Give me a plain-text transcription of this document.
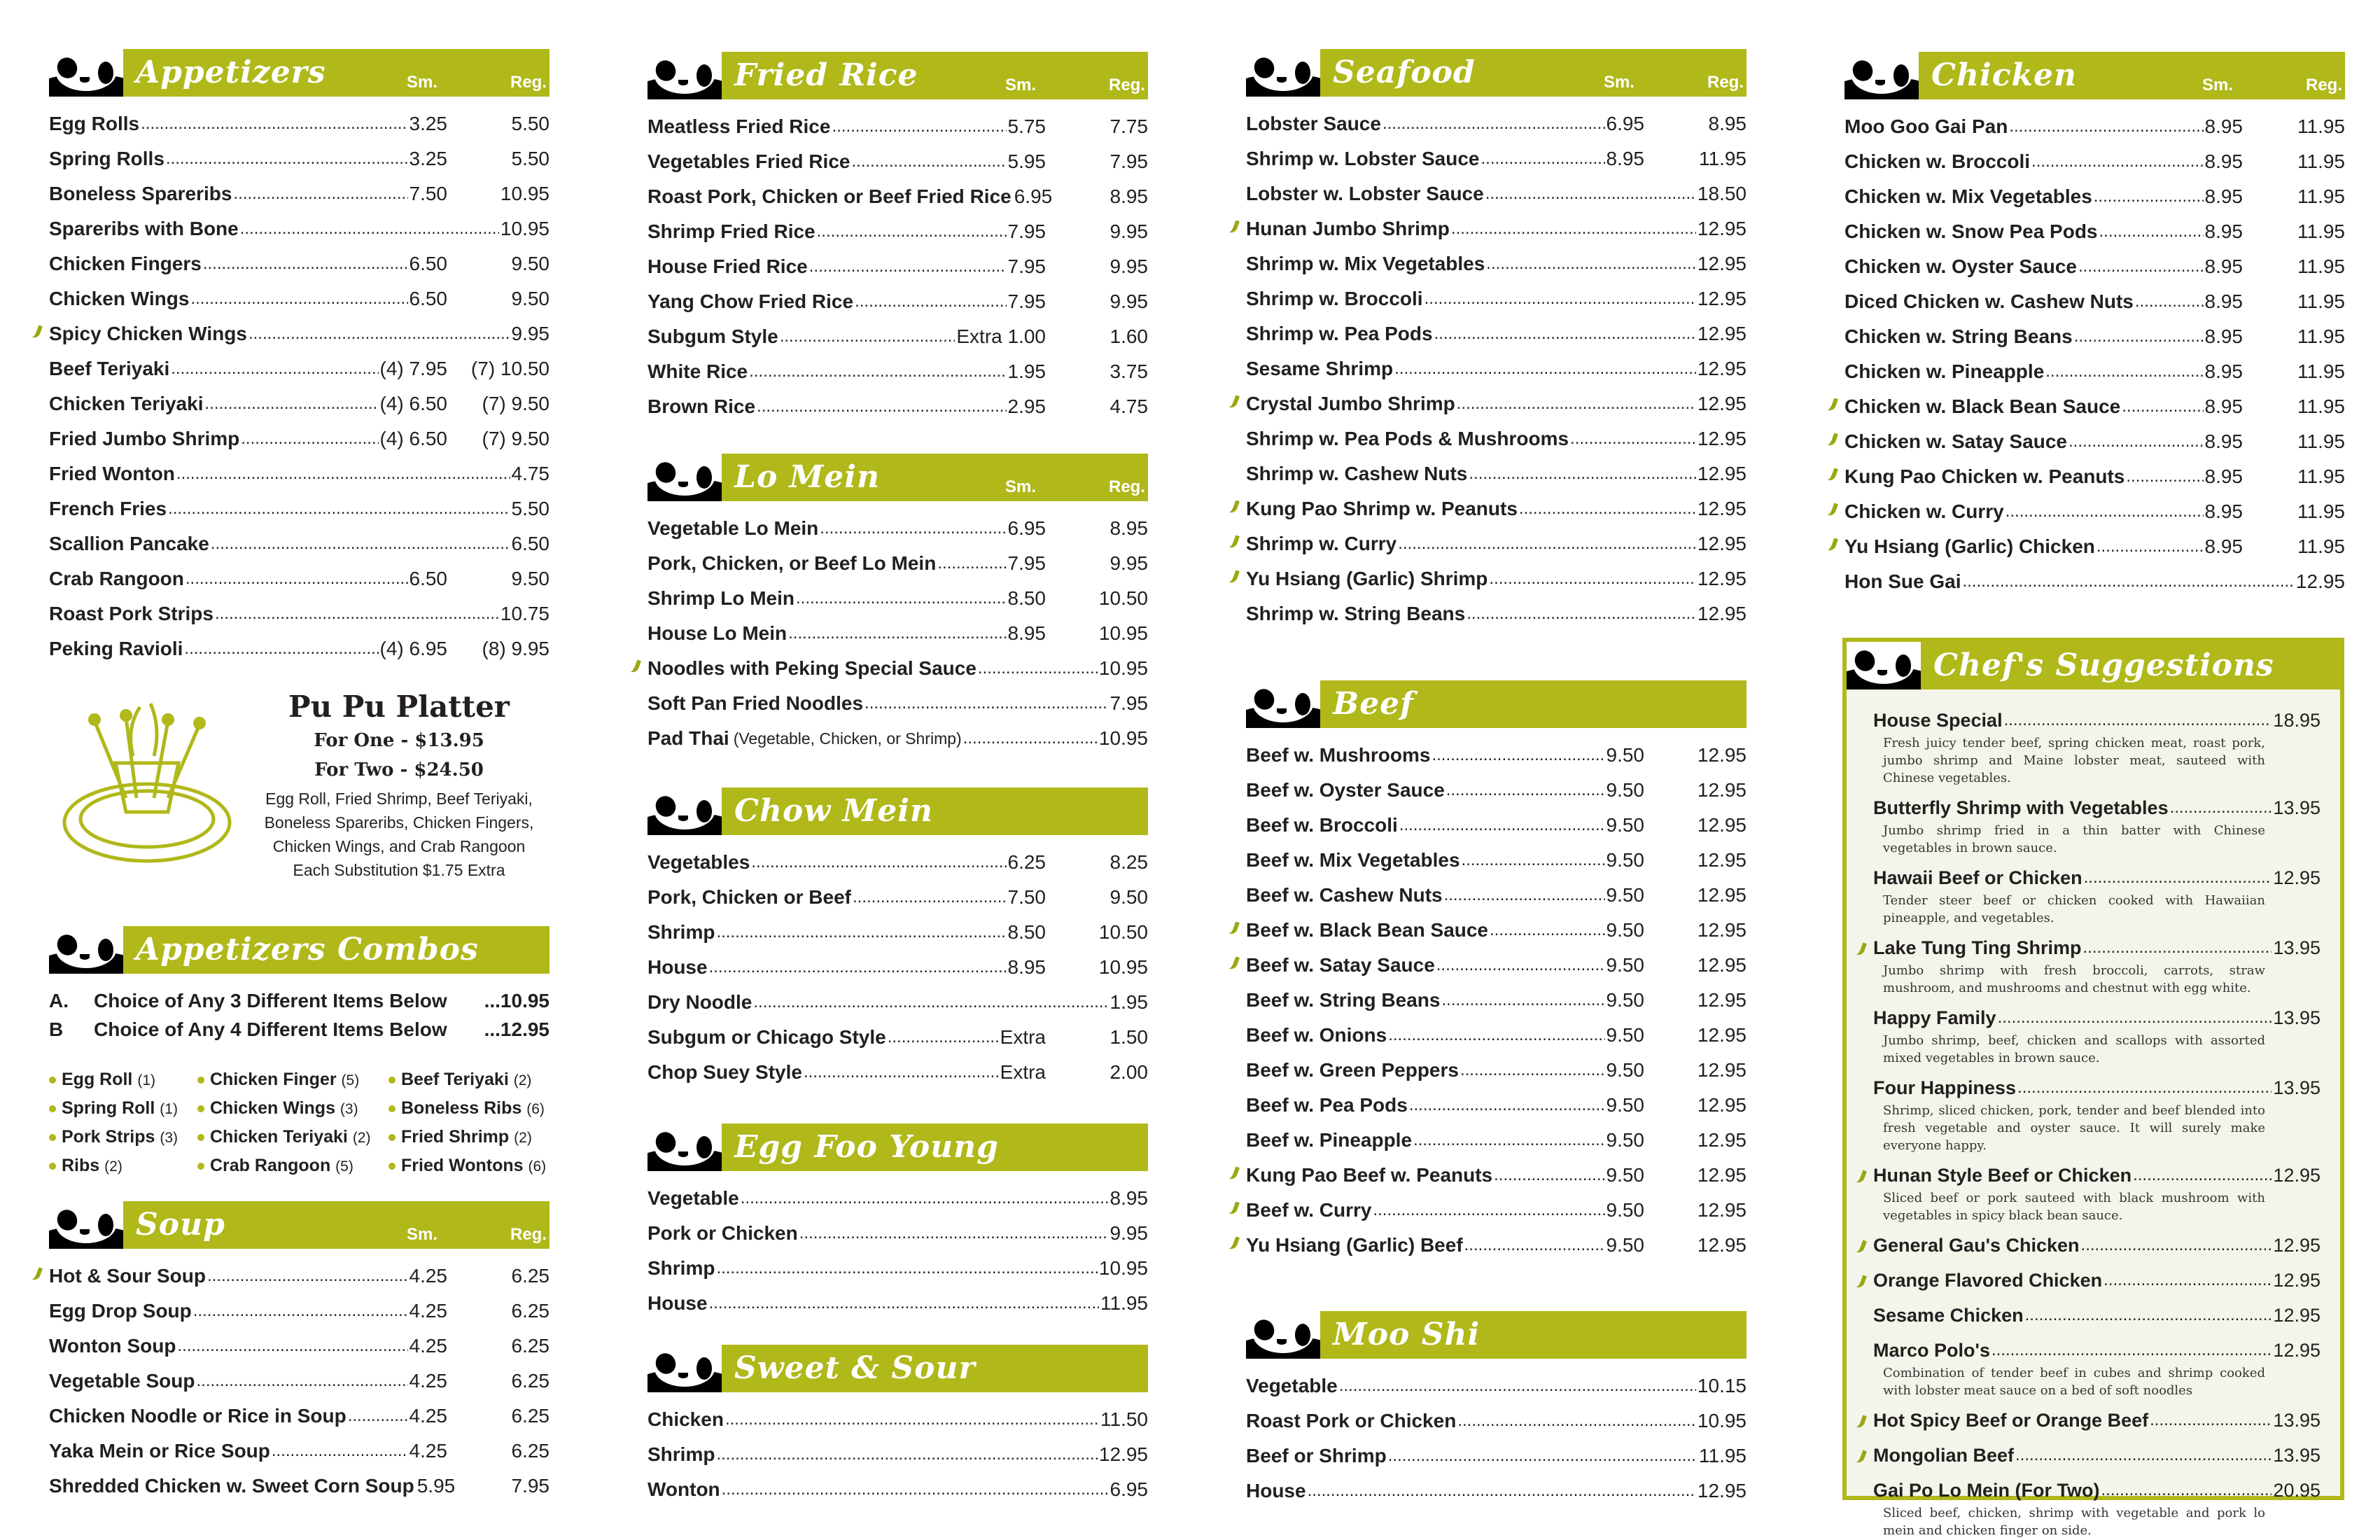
Appetizers	Sm.	Reg.
Egg Rolls .....	3.25	5.50
Spring Rolls .....	3.25	5.50
Boneless Spareribs .....	7.50	10.95
Spareribs with Bone .....	10.95
Chicken Fingers .....	6.50	9.50
Chicken Wings .....	6.50	9.50
Spicy Chicken Wings .....	9.95
Beef Teriyaki .....	(4) 7.95	(7) 10.50
Chicken Teriyaki .....	(4) 6.50	(7) 9.50
Fried Jumbo Shrimp .....	(4) 6.50	(7) 9.50
Fried Wonton .....	4.75
French Fries .....	5.50
Scallion Pancake .....	6.50
Crab Rangoon .....	6.50	9.50
Roast Pork Strips .....	10.75
Peking Ravioli .....	(4) 6.95	(8) 9.95
Pu Pu Platter
For One - $13.95
For Two - $24.50
Egg Roll, Fried Shrimp, Beef Teriyaki,
Boneless Spareribs, Chicken Fingers,
Chicken Wings, and Crab Rangoon
Each Substitution $1.75 Extra
Appetizers Combos
A.	Choice of Any 3 Different Items Below	...10.95
B	Choice of Any 4 Different Items Below	...12.95
Egg Roll (1)
Spring Roll (1)
Pork Strips (3)
Ribs (2)
Chicken Finger (5)
Chicken Wings (3)
Chicken Teriyaki (2)
Crab Rangoon (5)
Beef Teriyaki (2)
Boneless Ribs (6)
Fried Shrimp (2)
Fried Wontons (6)
Soup	Sm.	Reg.
Hot & Sour Soup .....	4.25	6.25
Egg Drop Soup .....	4.25	6.25
Wonton Soup .....	4.25	6.25
Vegetable Soup .....	4.25	6.25
Chicken Noodle or Rice in Soup .....	4.25	6.25
Yaka Mein or Rice Soup .....	4.25	6.25
Shredded Chicken w. Sweet Corn Soup 5.95	7.95
Fried Rice	Sm.	Reg.
Meatless Fried Rice .....	5.75	7.75
Vegetables Fried Rice .....	5.95	7.95
Roast Pork, Chicken or Beef Fried Rice 6.95	8.95
Shrimp Fried Rice .....	7.95	9.95
House Fried Rice .....	7.95	9.95
Yang Chow Fried Rice .....	7.95	9.95
Subgum Style .....	Extra 1.00	1.60
White Rice .....	1.95	3.75
Brown Rice .....	2.95	4.75
Lo Mein	Sm.	Reg.
Vegetable Lo Mein .....	6.95	8.95
Pork, Chicken, or Beef Lo Mein .....	7.95	9.95
Shrimp Lo Mein .....	8.50	10.50
House Lo Mein .....	8.95	10.95
Noodles with Peking Special Sauce .....	10.95
Soft Pan Fried Noodles .....	7.95
Pad Thai (Vegetable, Chicken, or Shrimp) .....	10.95
Chow Mein
Vegetables .....	6.25	8.25
Pork, Chicken or Beef .....	7.50	9.50
Shrimp .....	8.50	10.50
House .....	8.95	10.95
Dry Noodle .....	1.95
Subgum or Chicago Style .....	Extra	1.50
Chop Suey Style .....	Extra	2.00
Egg Foo Young
Vegetable .....	8.95
Pork or Chicken .....	9.95
Shrimp .....	10.95
House .....	11.95
Sweet & Sour
Chicken .....	11.50
Shrimp .....	12.95
Wonton .....	6.95
Seafood	Sm.	Reg.
Lobster Sauce .....	6.95	8.95
Shrimp w. Lobster Sauce .....	8.95	11.95
Lobster w. Lobster Sauce .....	18.50
Hunan Jumbo Shrimp .....	12.95
Shrimp w. Mix Vegetables .....	12.95
Shrimp w. Broccoli .....	12.95
Shrimp w. Pea Pods .....	12.95
Sesame Shrimp .....	12.95
Crystal Jumbo Shrimp .....	12.95
Shrimp w. Pea Pods & Mushrooms .....	12.95
Shrimp w. Cashew Nuts .....	12.95
Kung Pao Shrimp w. Peanuts .....	12.95
Shrimp w. Curry .....	12.95
Yu Hsiang (Garlic) Shrimp .....	12.95
Shrimp w. String Beans .....	12.95
Beef
Beef w. Mushrooms .....	9.50	12.95
Beef w. Oyster Sauce .....	9.50	12.95
Beef w. Broccoli .....	9.50	12.95
Beef w. Mix Vegetables .....	9.50	12.95
Beef w. Cashew Nuts .....	9.50	12.95
Beef w. Black Bean Sauce .....	9.50	12.95
Beef w. Satay Sauce .....	9.50	12.95
Beef w. String Beans .....	9.50	12.95
Beef w. Onions .....	9.50	12.95
Beef w. Green Peppers .....	9.50	12.95
Beef w. Pea Pods .....	9.50	12.95
Beef w. Pineapple .....	9.50	12.95
Kung Pao Beef w. Peanuts .....	9.50	12.95
Beef w. Curry .....	9.50	12.95
Yu Hsiang (Garlic) Beef .....	9.50	12.95
Moo Shi
Vegetable .....	10.15
Roast Pork or Chicken .....	10.95
Beef or Shrimp .....	11.95
House .....	12.95
Chicken	Sm.	Reg.
Moo Goo Gai Pan .....	8.95	11.95
Chicken w. Broccoli .....	8.95	11.95
Chicken w. Mix Vegetables .....	8.95	11.95
Chicken w. Snow Pea Pods .....	8.95	11.95
Chicken w. Oyster Sauce .....	8.95	11.95
Diced Chicken w. Cashew Nuts .....	8.95	11.95
Chicken w. String Beans .....	8.95	11.95
Chicken w. Pineapple .....	8.95	11.95
Chicken w. Black Bean Sauce .....	8.95	11.95
Chicken w. Satay Sauce .....	8.95	11.95
Kung Pao Chicken w. Peanuts .....	8.95	11.95
Chicken w. Curry .....	8.95	11.95
Yu Hsiang (Garlic) Chicken .....	8.95	11.95
Hon Sue Gai .....	12.95
Chef's Suggestions
House Special .....	18.95
Fresh juicy tender beef, spring chicken meat, roast pork, jumbo shrimp and Maine lobster meat, sauteed with Chinese vegetables.
Butterfly Shrimp with Vegetables .....	13.95
Jumbo shrimp fried in a thin batter with Chinese vegetables in brown sauce.
Hawaii Beef or Chicken .....	12.95
Tender steer beef or chicken cooked with Hawaiian pineapple, and vegetables.
Lake Tung Ting Shrimp .....	13.95
Jumbo shrimp with fresh broccoli, carrots, straw mushroom, and mushrooms and chestnut with egg white.
Happy Family .....	13.95
Jumbo shrimp, beef, chicken and scallops with assorted mixed vegetables in brown sauce.
Four Happiness .....	13.95
Shrimp, sliced chicken, pork, tender and beef blended into fresh vegetable and oyster sauce. It will surely make everyone happy.
Hunan Style Beef or Chicken .....	12.95
Sliced beef or pork sauteed with black mushroom with vegetables in spicy black bean sauce.
General Gau's Chicken .....	12.95
Orange Flavored Chicken .....	12.95
Sesame Chicken .....	12.95
Marco Polo's .....	12.95
Combination of tender beef in cubes and shrimp cooked with lobster meat sauce on a bed of soft noodles
Hot Spicy Beef or Orange Beef .....	13.95
Mongolian Beef .....	13.95
Gai Po Lo Mein (For Two) .....	20.95
Sliced beef, chicken, shrimp with vegetable and pork lo mein and chicken finger on side.
